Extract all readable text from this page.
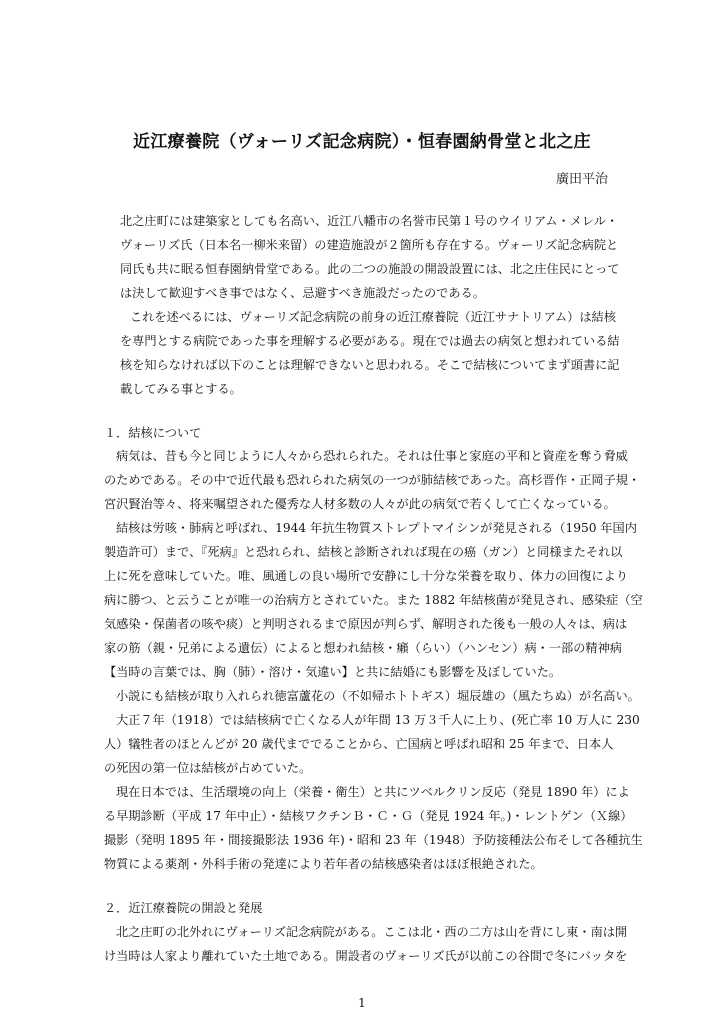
近江療養院（ヴォーリズ記念病院）・恒春園納骨堂と北之庄
廣田平治
北之庄町には建築家としても名高い、近江八幡市の名誉市民第１号のウイリアム・メレル・
ヴォーリズ氏（日本名一柳米来留）の建造施設が２箇所も存在する。ヴォーリズ記念病院と
同氏も共に眠る恒春園納骨堂である。此の二つの施設の開設設置には、北之庄住民にとって
は決して歓迎すべき事ではなく、忌避すべき施設だったのである。
これを述べるには、ヴォーリズ記念病院の前身の近江療養院（近江サナトリアム）は結核
を専門とする病院であった事を理解する必要がある。現在では過去の病気と想われている結
核を知らなければ以下のことは理解できないと思われる。そこで結核についてまず頭書に記
載してみる事とする。
１．結核について
病気は、昔も今と同じように人々から恐れられた。それは仕事と家庭の平和と資産を奪う脅威
のためである。その中で近代最も恐れられた病気の一つが肺結核であった。高杉晋作・正岡子規・
宮沢賢治等々、将来嘱望された優秀な人材多数の人々が此の病気で若くして亡くなっている。
結核は労咳・肺病と呼ばれ、1944 年抗生物質ストレプトマイシンが発見される（1950 年国内
製造許可）まで、『死病』と恐れられ、結核と診断されれば現在の癌（ガン）と同様またそれ以
上に死を意味していた。唯、風通しの良い場所で安静にし十分な栄養を取り、体力の回復により
病に勝つ、と云うことが唯一の治病方とされていた。また 1882 年結核菌が発見され、感染症（空
気感染・保菌者の咳や痰）と判明されるまで原因が判らず、解明された後も一般の人々は、病は
家の筋（親・兄弟による遺伝）によると想われ結核・癩（らい）（ハンセン）病・一部の精神病
【当時の言葉では、胸（肺）・溶け・気違い】と共に結婚にも影響を及ぼしていた。
小説にも結核が取り入れられ徳富蘆花の（不如帰ホトトギス）堀辰雄の（風たちぬ）が名高い。
大正７年（1918）では結核病で亡くなる人が年間 13 万３千人に上り、(死亡率 10 万人に 230
人）犠牲者のほとんどが 20 歳代まででることから、亡国病と呼ばれ昭和 25 年まで、日本人
の死因の第一位は結核が占めていた。
現在日本では、生活環境の向上（栄養・衛生）と共にツベルクリン反応（発見 1890 年）によ
る早期診断（平成 17 年中止）・結核ワクチンＢ・Ｃ・Ｇ（発見 1924 年。)・レントゲン（Ｘ線）
撮影（発明 1895 年・間接撮影法 1936 年)・昭和 23 年（1948）予防接種法公布そして各種抗生
物質による薬剤・外科手術の発達により若年者の結核感染者はほぼ根絶された。
２．近江療養院の開設と発展
北之庄町の北外れにヴォーリズ記念病院がある。ここは北・西の二方は山を背にし東・南は開
け当時は人家より離れていた土地である。開設者のヴォーリズ氏が以前この谷間で冬にバッタを
1
